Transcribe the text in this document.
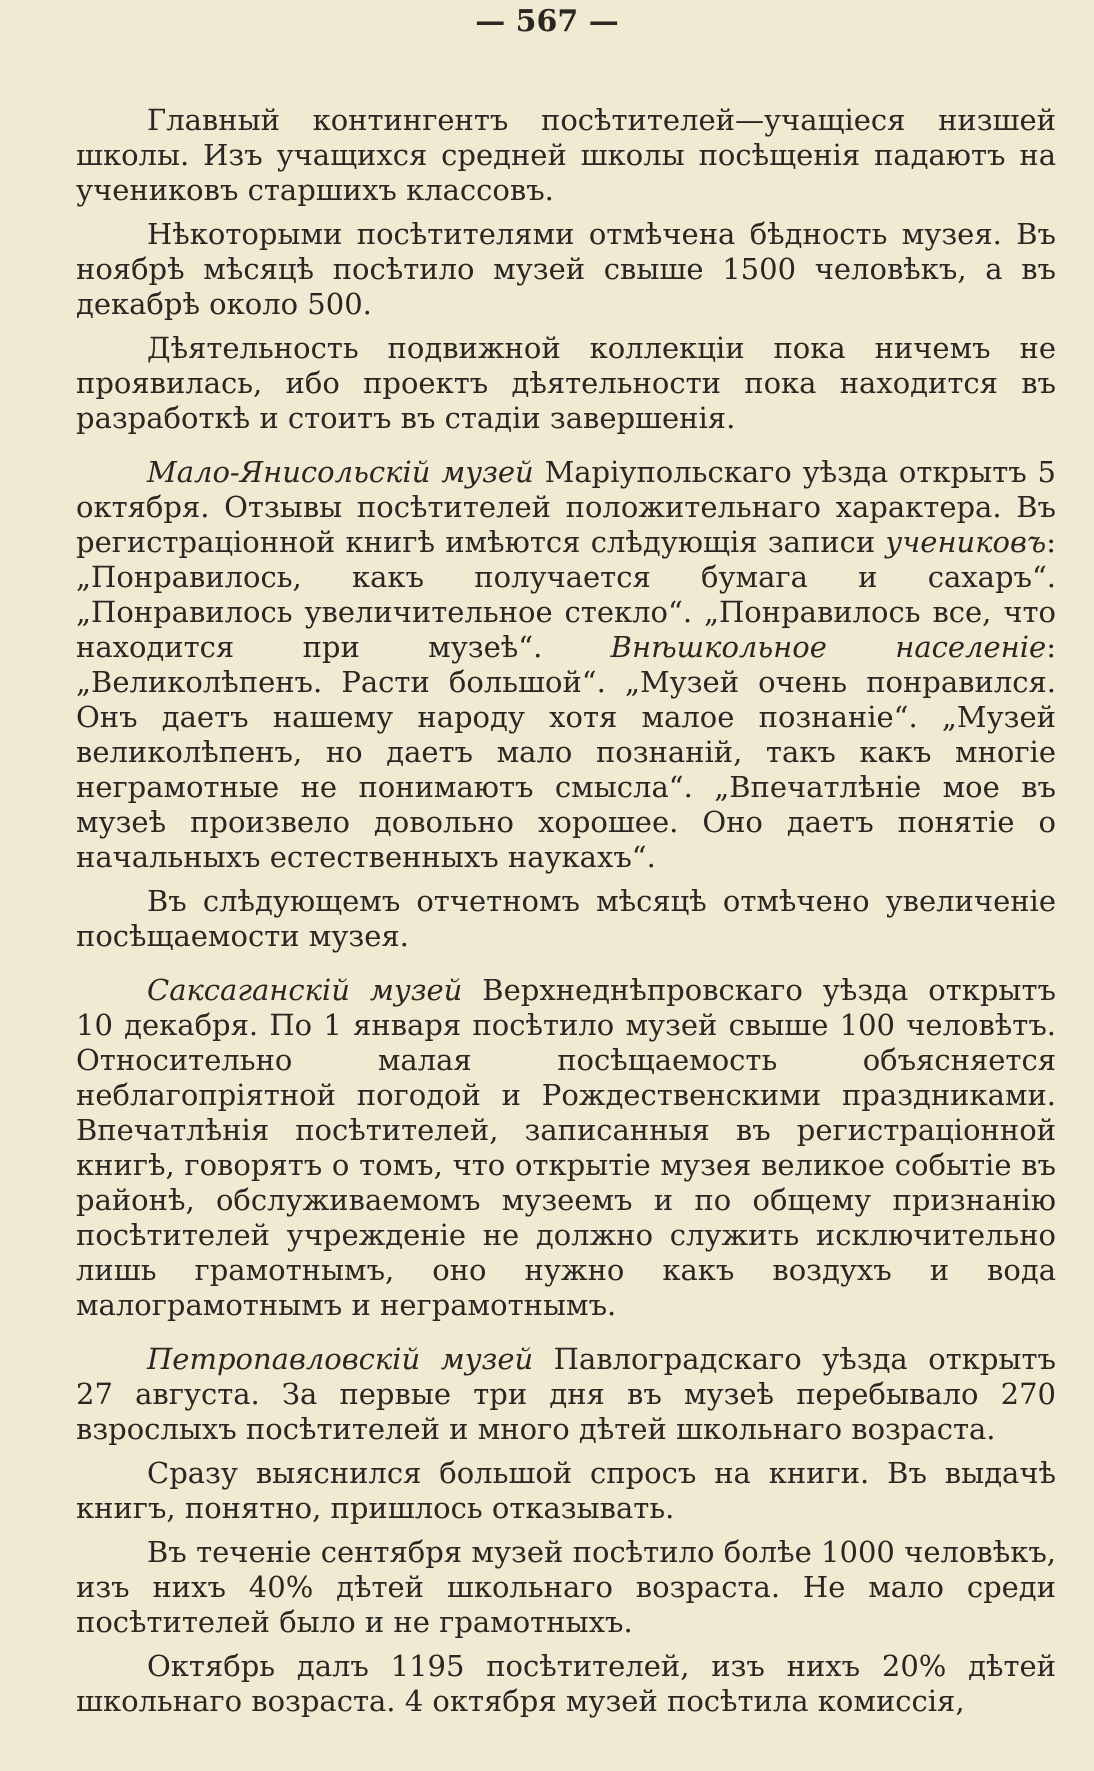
— 567 —

Главный контингентъ посѣтителей—учащіеся низшей школы. Изъ учащихся средней школы посѣщенія падаютъ на учениковъ старшихъ классовъ.

Нѣкоторыми посѣтителями отмѣчена бѣдность музея. Въ ноябрѣ мѣсяцѣ посѣтило музей свыше 1500 человѣкъ, а въ декабрѣ около 500.

Дѣятельность подвижной коллекціи пока ничемъ не проявилась, ибо проектъ дѣятельности пока находится въ разработкѣ и стоитъ въ стадіи завершенія.

Мало-Янисольскій музей Маріупольскаго уѣзда открытъ 5 октября. Отзывы посѣтителей положительнаго характера. Въ регистраціонной книгѣ имѣются слѣдующія записи учениковъ: „Понравилось, какъ получается бумага и сахаръ“. „Понравилось увеличительное стекло“. „Понравилось все, что находится при музеѣ“. Внѣшкольное населеніе: „Великолѣпенъ. Расти большой“. „Музей очень понравился. Онъ даетъ нашему народу хотя малое познаніе“. „Музей великолѣпенъ, но даетъ мало познаній, такъ какъ многіе неграмотные не понимаютъ смысла“. „Впечатлѣніе мое въ музеѣ произвело довольно хорошее. Оно даетъ понятіе о начальныхъ естественныхъ наукахъ“.

Въ слѣдующемъ отчетномъ мѣсяцѣ отмѣчено увеличеніе посѣщаемости музея.

Саксаганскій музей Верхнеднѣпровскаго уѣзда открытъ 10 декабря. По 1 января посѣтило музей свыше 100 человѣтъ. Относительно малая посѣщаемость объясняется неблагопріятной погодой и Рождественскими праздниками. Впечатлѣнія посѣтителей, записанныя въ регистраціонной книгѣ, говорятъ о томъ, что открытіе музея великое событіе въ районѣ, обслуживаемомъ музеемъ и по общему признанію посѣтителей учрежденіе не должно служить исключительно лишь грамотнымъ, оно нужно какъ воздухъ и вода малограмотнымъ и неграмотнымъ.

Петропавловскій музей Павлоградскаго уѣзда открытъ 27 августа. За первые три дня въ музеѣ перебывало 270 взрослыхъ посѣтителей и много дѣтей школьнаго возраста.

Сразу выяснился большой спросъ на книги. Въ выдачѣ книгъ, понятно, пришлось отказывать.

Въ теченіе сентября музей посѣтило болѣе 1000 человѣкъ, изъ нихъ 40% дѣтей школьнаго возраста. Не мало среди посѣтителей было и не грамотныхъ.

Октябрь далъ 1195 посѣтителей, изъ нихъ 20% дѣтей школьнаго возраста. 4 октября музей посѣтила комиссія,
